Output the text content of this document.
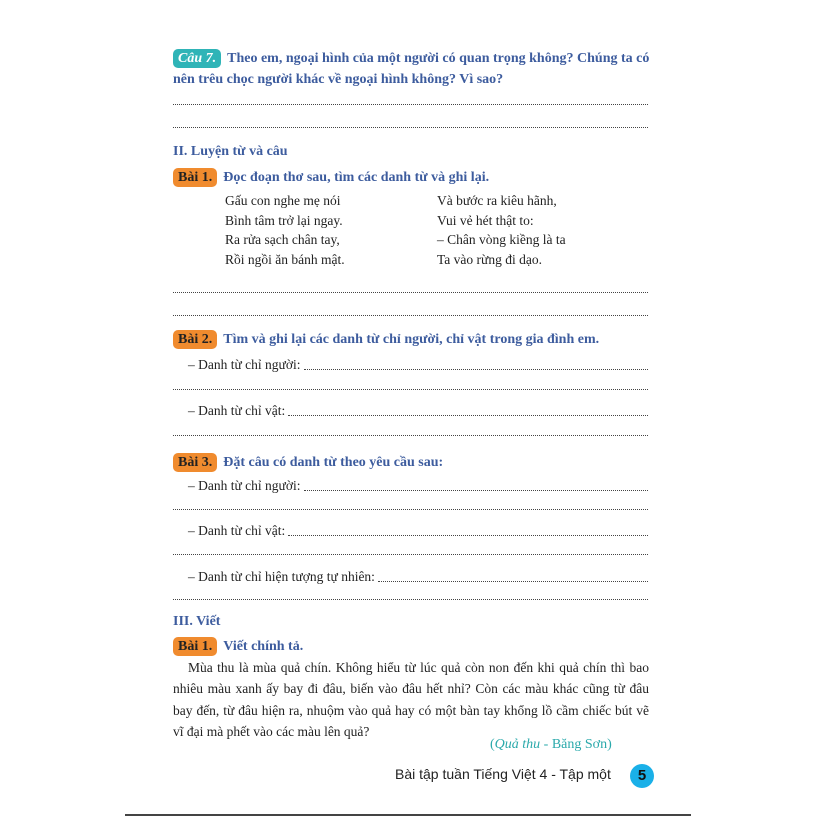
Câu 7. Theo em, ngoại hình của một người có quan trọng không? Chúng ta có
nên trêu chọc người khác về ngoại hình không? Vì sao?
II. Luyện từ và câu
Bài 1. Đọc đoạn thơ sau, tìm các danh từ và ghi lại.
Gấu con nghe mẹ nói
Bình tâm trở lại ngay.
Ra rửa sạch chân tay,
Rồi ngồi ăn bánh mật.
Và bước ra kiêu hãnh,
Vui vẻ hét thật to:
– Chân vòng kiềng là ta
Ta vào rừng đi dạo.
Bài 2. Tìm và ghi lại các danh từ chỉ người, chỉ vật trong gia đình em.
– Danh từ chỉ người:
– Danh từ chỉ vật:
Bài 3. Đặt câu có danh từ theo yêu cầu sau:
– Danh từ chỉ người:
– Danh từ chỉ vật:
– Danh từ chỉ hiện tượng tự nhiên:
III. Viết
Bài 1. Viết chính tả.
Mùa thu là mùa quả chín. Không hiểu từ lúc quả còn non đến khi quả chín thì bao nhiêu màu xanh ấy bay đi đâu, biến vào đâu hết nhỉ? Còn các màu khác cũng từ đâu bay đến, từ đâu hiện ra, nhuộm vào quả hay có một bàn tay khổng lồ cầm chiếc bút vẽ vĩ đại mà phết vào các màu lên quả?
(Quả thu - Băng Sơn)
Bài tập tuần Tiếng Việt 4 - Tập một	5
